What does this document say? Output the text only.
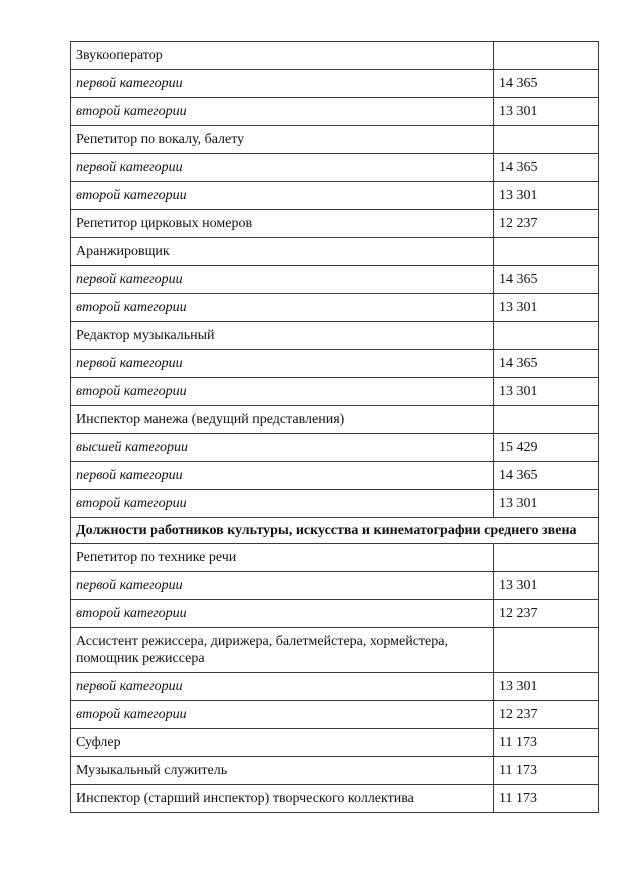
Звукооператор	
первой категории	14 365
второй категории	13 301
Репетитор по вокалу, балету	
первой категории	14 365
второй категории	13 301
Репетитор цирковых номеров	12 237
Аранжировщик	
первой категории	14 365
второй категории	13 301
Редактор музыкальный	
первой категории	14 365
второй категории	13 301
Инспектор манежа (ведущий представления)	
высшей категории	15 429
первой категории	14 365
второй категории	13 301
Должности работников культуры, искусства и кинематографии среднего звена	
Репетитор по технике речи	
первой категории	13 301
второй категории	12 237
Ассистент режиссера, дирижера, балетмейстера, хормейстера, помощник режиссера	
первой категории	13 301
второй категории	12 237
Суфлер	11 173
Музыкальный служитель	11 173
Инспектор (старший инспектор) творческого коллектива	11 173
